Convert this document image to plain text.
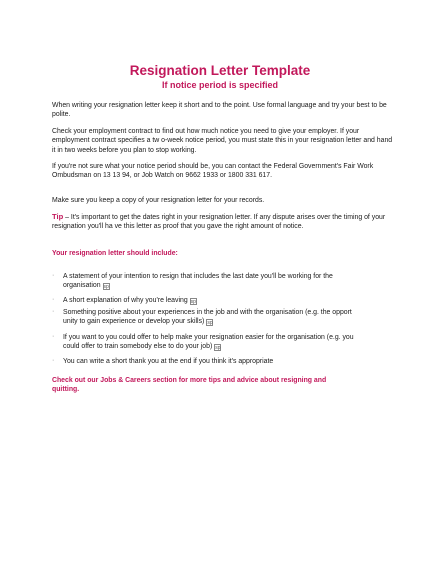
Resignation Letter Template
If notice period is specified
When writing your resignation letter keep it short and to the point. Use formal language and try your best to be polite.
Check your employment contract to find out how much notice you need to give your employer. If your employment contract specifies a tw o-week notice period, you must state this in your resignation letter and hand it in two weeks before you plan to stop working.
If you're not sure what your notice period should be, you can contact the Federal Government's Fair Work Ombudsman on 13 13 94, or Job Watch on 9662 1933 or 1800 331 617.
Make sure you keep a copy of your resignation letter for your records.
Tip – It's important to get the dates right in your resignation letter. If any dispute arises over the timing of your resignation you'll ha ve this letter as proof that you gave the right amount of notice.
Your resignation letter should include:
· A statement of your intention to resign that includes the last date you'll be working for the organisation sp
· A short explanation of why you're leaving sp
· Something positive about your experiences in the job and with the organisation (e.g. the opport unity to gain experience or develop your skills) sp
· If you want to you could offer to help make your resignation easier for the organisation (e.g. you could offer to train somebody else to do your job) sp
· You can write a short thank you at the end if you think it's appropriate
Check out our Jobs & Careers section for more tips and advice about resigning and quitting.
